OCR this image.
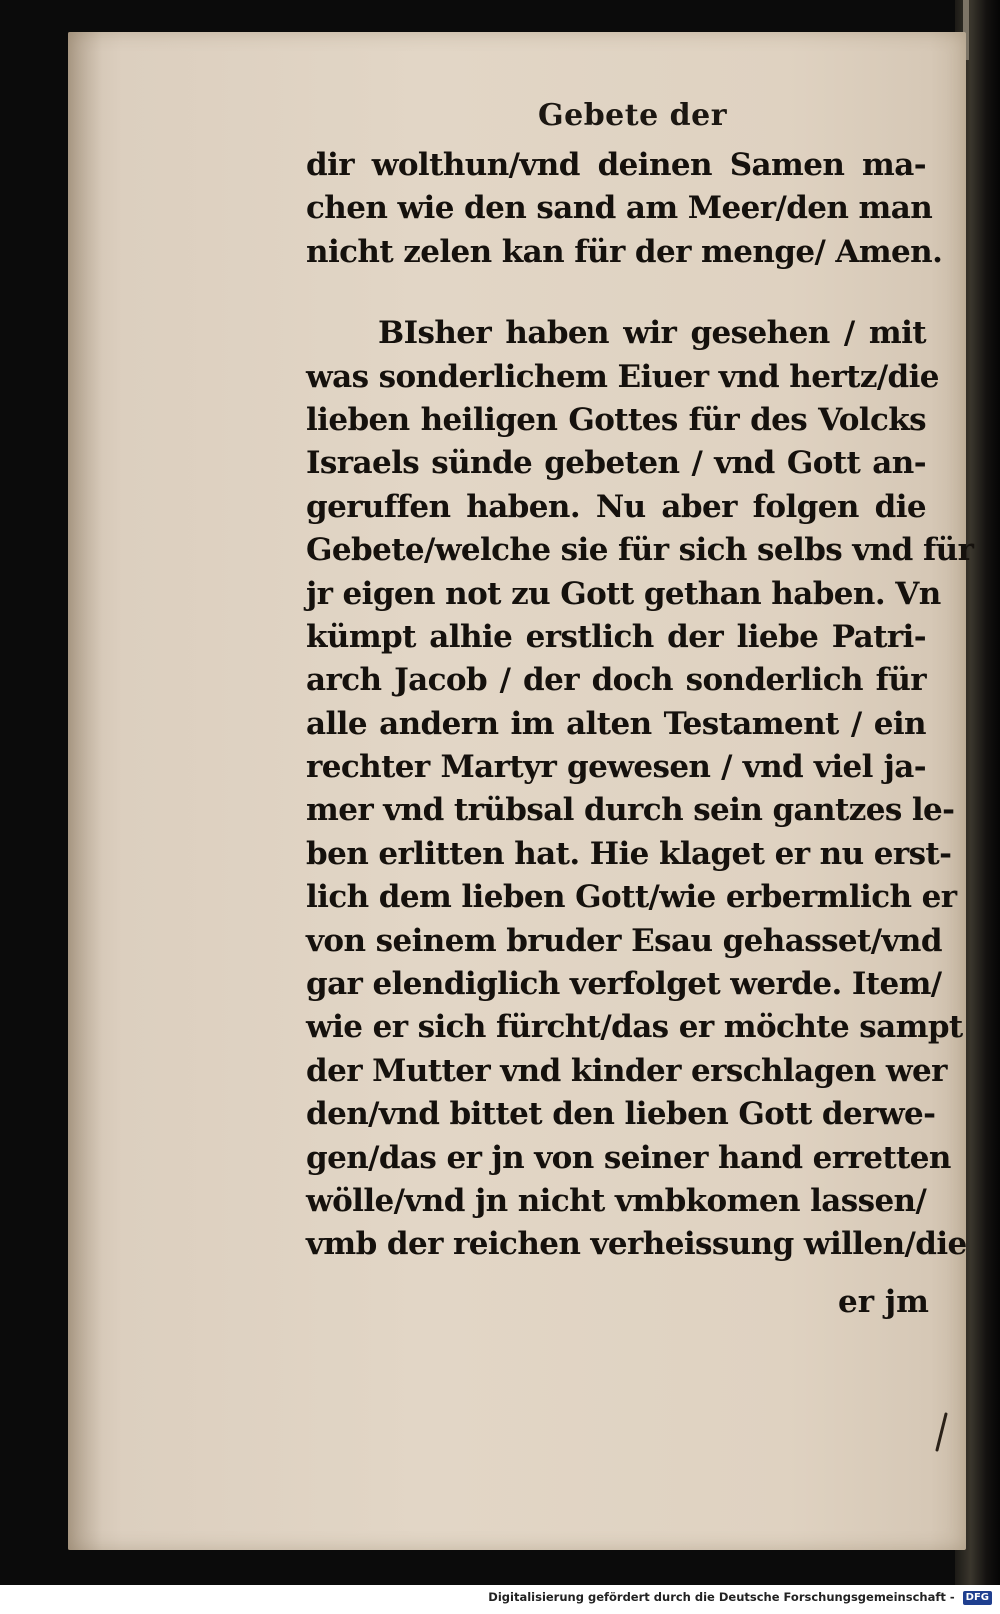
Gebete der
dir wolthun/vnd deinen Samen ma-
chen wie den sand am Meer/den man
nicht zelen kan für der menge/ Amen.
BIsher haben wir gesehen / mit
was sonderlichem Eiuer vnd hertz/die
lieben heiligen Gottes für des Volcks
Israels sünde gebeten / vnd Gott an-
geruffen haben. Nu aber folgen die
Gebete/welche sie für sich selbs vnd für
jr eigen not zu Gott gethan haben. Vn
kümpt alhie erstlich der liebe Patri-
arch Jacob / der doch sonderlich für
alle andern im alten Testament / ein
rechter Martyr gewesen / vnd viel ja-
mer vnd trübsal durch sein gantzes le-
ben erlitten hat. Hie klaget er nu erst-
lich dem lieben Gott/wie erbermlich er
von seinem bruder Esau gehasset/vnd
gar elendiglich verfolget werde. Item/
wie er sich fürcht/das er möchte sampt
der Mutter vnd kinder erschlagen wer
den/vnd bittet den lieben Gott derwe-
gen/das er jn von seiner hand erretten
wölle/vnd jn nicht vmbkomen lassen/
vmb der reichen verheissung willen/die
er jm
Digitalisierung gefördert durch die Deutsche Forschungsgemeinschaft - DFG
